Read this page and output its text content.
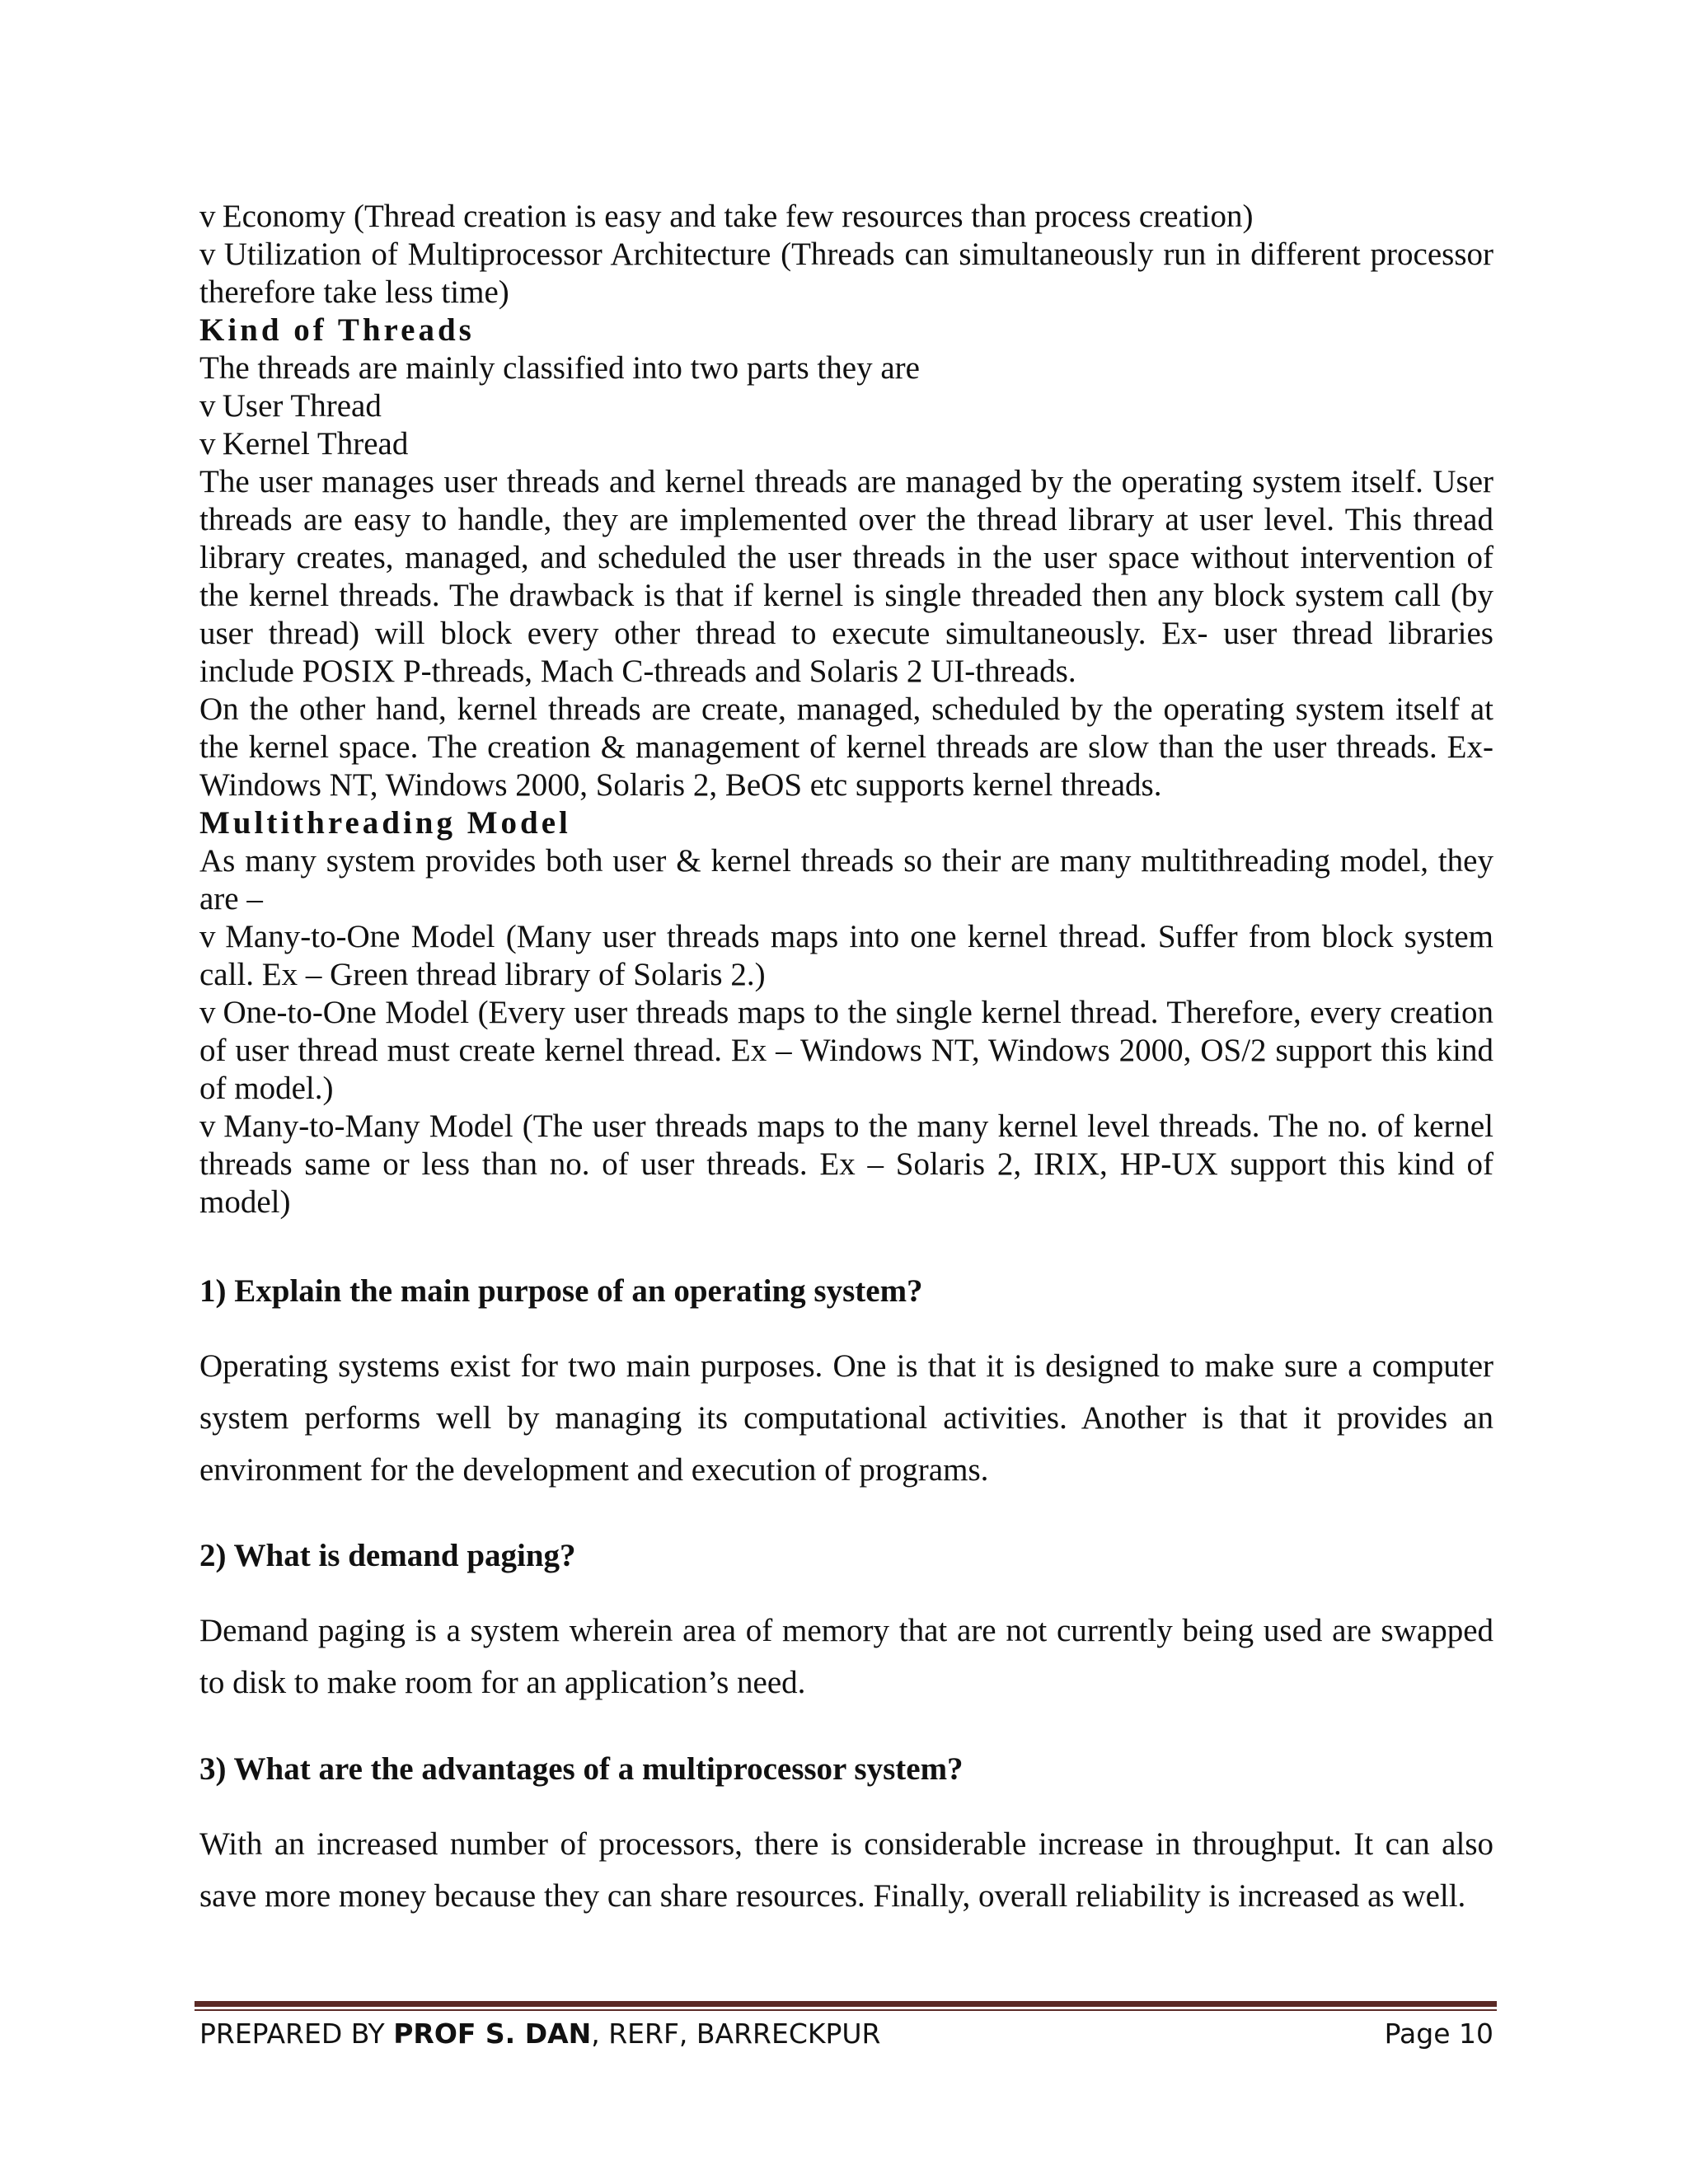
v Economy (Thread creation is easy and take few resources than process creation)

v Utilization of Multiprocessor Architecture (Threads can simultaneously run in different processor therefore take less time)

Kind of Threads

The threads are mainly classified into two parts they are

v User Thread

v Kernel Thread

The user manages user threads and kernel threads are managed by the operating system itself. User threads are easy to handle, they are implemented over the thread library at user level. This thread library creates, managed, and scheduled the user threads in the user space without intervention of the kernel threads. The drawback is that if kernel is single threaded then any block system call (by user thread) will block every other thread to execute simultaneously. Ex- user thread libraries include POSIX P-threads, Mach C-threads and Solaris 2 UI-threads.

On the other hand, kernel threads are create, managed, scheduled by the operating system itself at the kernel space. The creation & management of kernel threads are slow than the user threads. Ex-Windows NT, Windows 2000, Solaris 2, BeOS etc supports kernel threads.

Multithreading Model

As many system provides both user & kernel threads so their are many multithreading model, they are –

v Many-to-One Model (Many user threads maps into one kernel thread. Suffer from block system call. Ex – Green thread library of Solaris 2.)

v One-to-One Model (Every user threads maps to the single kernel thread. Therefore, every creation of user thread must create kernel thread. Ex – Windows NT, Windows 2000, OS/2 support this kind of model.)

v Many-to-Many Model (The user threads maps to the many kernel level threads. The no. of kernel threads same or less than no. of user threads. Ex – Solaris 2, IRIX, HP-UX support this kind of model)

1) Explain the main purpose of an operating system?

Operating systems exist for two main purposes. One is that it is designed to make sure a computer system performs well by managing its computational activities. Another is that it provides an environment for the development and execution of programs.

2) What is demand paging?

Demand paging is a system wherein area of memory that are not currently being used are swapped to disk to make room for an application’s need.

3) What are the advantages of a multiprocessor system?

With an increased number of processors, there is considerable increase in throughput. It can also save more money because they can share resources. Finally, overall reliability is increased as well.

PREPARED BY PROF S. DAN, RERF, BARRECKPUR	Page 10
